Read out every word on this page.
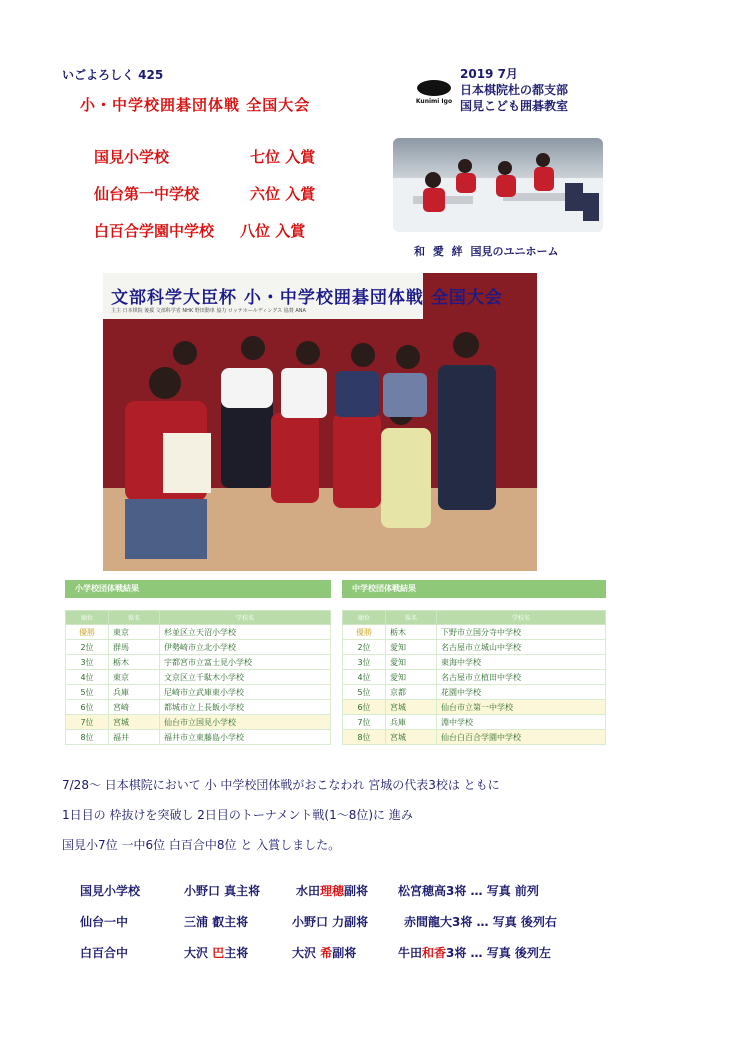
いごよろしく 425
小・中学校囲碁団体戦 全国大会	Kunimi Igo
2019 7月
日本棋院杜の都支部
国見こども囲碁教室
国見小学校	七位 入賞
仙台第一中学校	六位 入賞
白百合学園中学校 八位 入賞
和 愛 絆 国見のユニホーム
文部科学大臣杯 小・中学校囲碁団体戦 全国大会
主主 日本棋院 後援 文部科学省 NHK 野田動車 協力 ロッテホールディングス 協賛 ANA
小学校団体戦結果
順位	県名	学校名
優勝	東京	杉並区立天沼小学校
2位	群馬	伊勢崎市立北小学校
3位	栃木	宇都宮市立富士見小学校
4位	東京	文京区立千駄木小学校
5位	兵庫	尼崎市立武庫東小学校
6位	宮崎	都城市立上長飯小学校
7位	宮城	仙台市立国見小学校
8位	福井	福井市立東藤島小学校
中学校団体戦結果
順位	県名	学校名
優勝	栃木	下野市立国分寺中学校
2位	愛知	名古屋市立城山中学校
3位	愛知	東海中学校
4位	愛知	名古屋市立植田中学校
5位	京都	花園中学校
6位	宮城	仙台市立第一中学校
7位	兵庫	淵中学校
8位	宮城	仙台白百合学園中学校
7/28～ 日本棋院において 小 中学校団体戦がおこなわれ 宮城の代表3校は ともに
1日目の 枠抜けを突破し 2日目のトーナメント戦(1～8位)に 進み
国見小7位 一中6位 白百合中8位 と 入賞しました。
国見小学校	小野口 真主将	水田理穂副将 松宮穂高3将 … 写真 前列
仙台一中	三浦 叡主将	小野口 力副将	赤間龍大3将 … 写真 後列右
白百合中	大沢 巴主将	大沢 希副将	牛田和香3将 … 写真 後列左
